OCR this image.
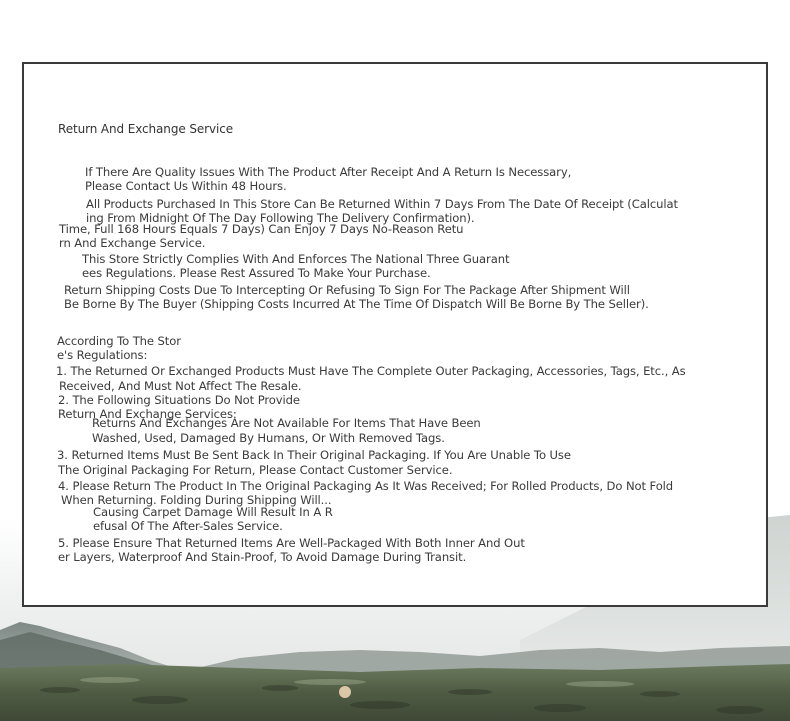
Return And Exchange Service
If There Are Quality Issues With The Product After Receipt And A Return Is Necessary,
Please Contact Us Within 48 Hours.
All Products Purchased In This Store Can Be Returned Within 7 Days From The Date Of Receipt (Calculat
ing From Midnight Of The Day Following The Delivery Confirmation).
Time, Full 168 Hours Equals 7 Days) Can Enjoy 7 Days No-Reason Retu
rn And Exchange Service.
This Store Strictly Complies With And Enforces The National Three Guarant
ees Regulations. Please Rest Assured To Make Your Purchase.
Return Shipping Costs Due To Intercepting Or Refusing To Sign For The Package After Shipment Will
Be Borne By The Buyer (Shipping Costs Incurred At The Time Of Dispatch Will Be Borne By The Seller).
According To The Stor
e's Regulations:
1. The Returned Or Exchanged Products Must Have The Complete Outer Packaging, Accessories, Tags, Etc., As
Received, And Must Not Affect The Resale.
2. The Following Situations Do Not Provide
Return And Exchange Services:
Returns And Exchanges Are Not Available For Items That Have Been
Washed, Used, Damaged By Humans, Or With Removed Tags.
3. Returned Items Must Be Sent Back In Their Original Packaging. If You Are Unable To Use
The Original Packaging For Return, Please Contact Customer Service.
4. Please Return The Product In The Original Packaging As It Was Received; For Rolled Products, Do Not Fold
When Returning. Folding During Shipping Will...
Causing Carpet Damage Will Result In A R
efusal Of The After-Sales Service.
5. Please Ensure That Returned Items Are Well-Packaged With Both Inner And Out
er Layers, Waterproof And Stain-Proof, To Avoid Damage During Transit.
